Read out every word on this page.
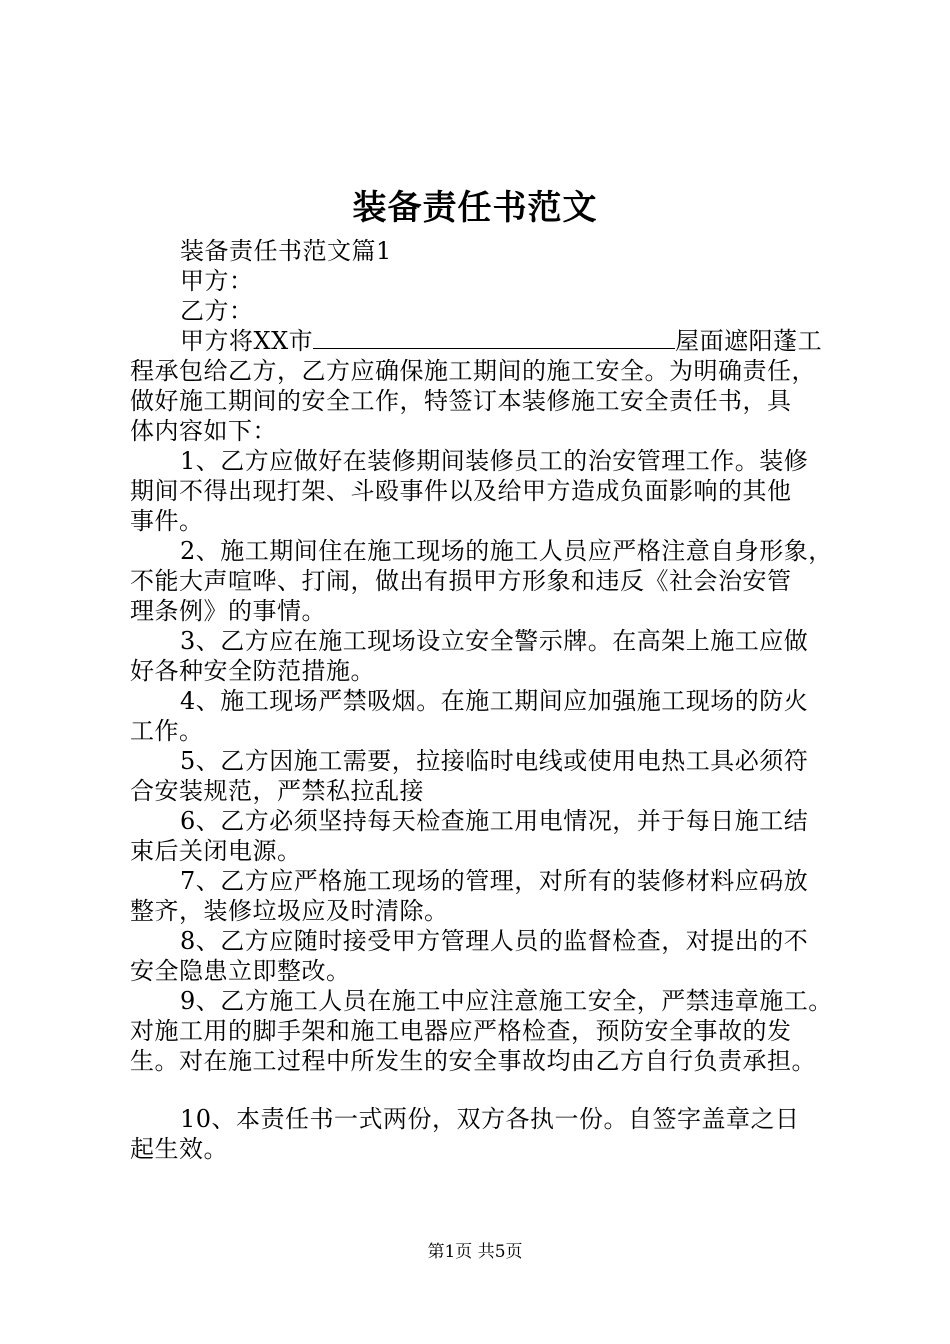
装备责任书范文
装备责任书范文篇1
甲方：
乙方：
甲方将XX市	屋面遮阳蓬工
程承包给乙方，乙方应确保施工期间的施工安全。为明确责任，
做好施工期间的安全工作，特签订本装修施工安全责任书，具
体内容如下：
1、乙方应做好在装修期间装修员工的治安管理工作。装修
期间不得出现打架、斗殴事件以及给甲方造成负面影响的其他
事件。
2、施工期间住在施工现场的施工人员应严格注意自身形象，
不能大声喧哗、打闹，做出有损甲方形象和违反《社会治安管
理条例》的事情。
3、乙方应在施工现场设立安全警示牌。在高架上施工应做
好各种安全防范措施。
4、施工现场严禁吸烟。在施工期间应加强施工现场的防火
工作。
5、乙方因施工需要，拉接临时电线或使用电热工具必须符
合安装规范，严禁私拉乱接
6、乙方必须坚持每天检查施工用电情况，并于每日施工结
束后关闭电源。
7、乙方应严格施工现场的管理，对所有的装修材料应码放
整齐，装修垃圾应及时清除。
8、乙方应随时接受甲方管理人员的监督检查，对提出的不
安全隐患立即整改。
9、乙方施工人员在施工中应注意施工安全，严禁违章施工。
对施工用的脚手架和施工电器应严格检查，预防安全事故的发
生。对在施工过程中所发生的安全事故均由乙方自行负责承担。
10、本责任书一式两份，双方各执一份。自签字盖章之日
起生效。
第1页 共5页
